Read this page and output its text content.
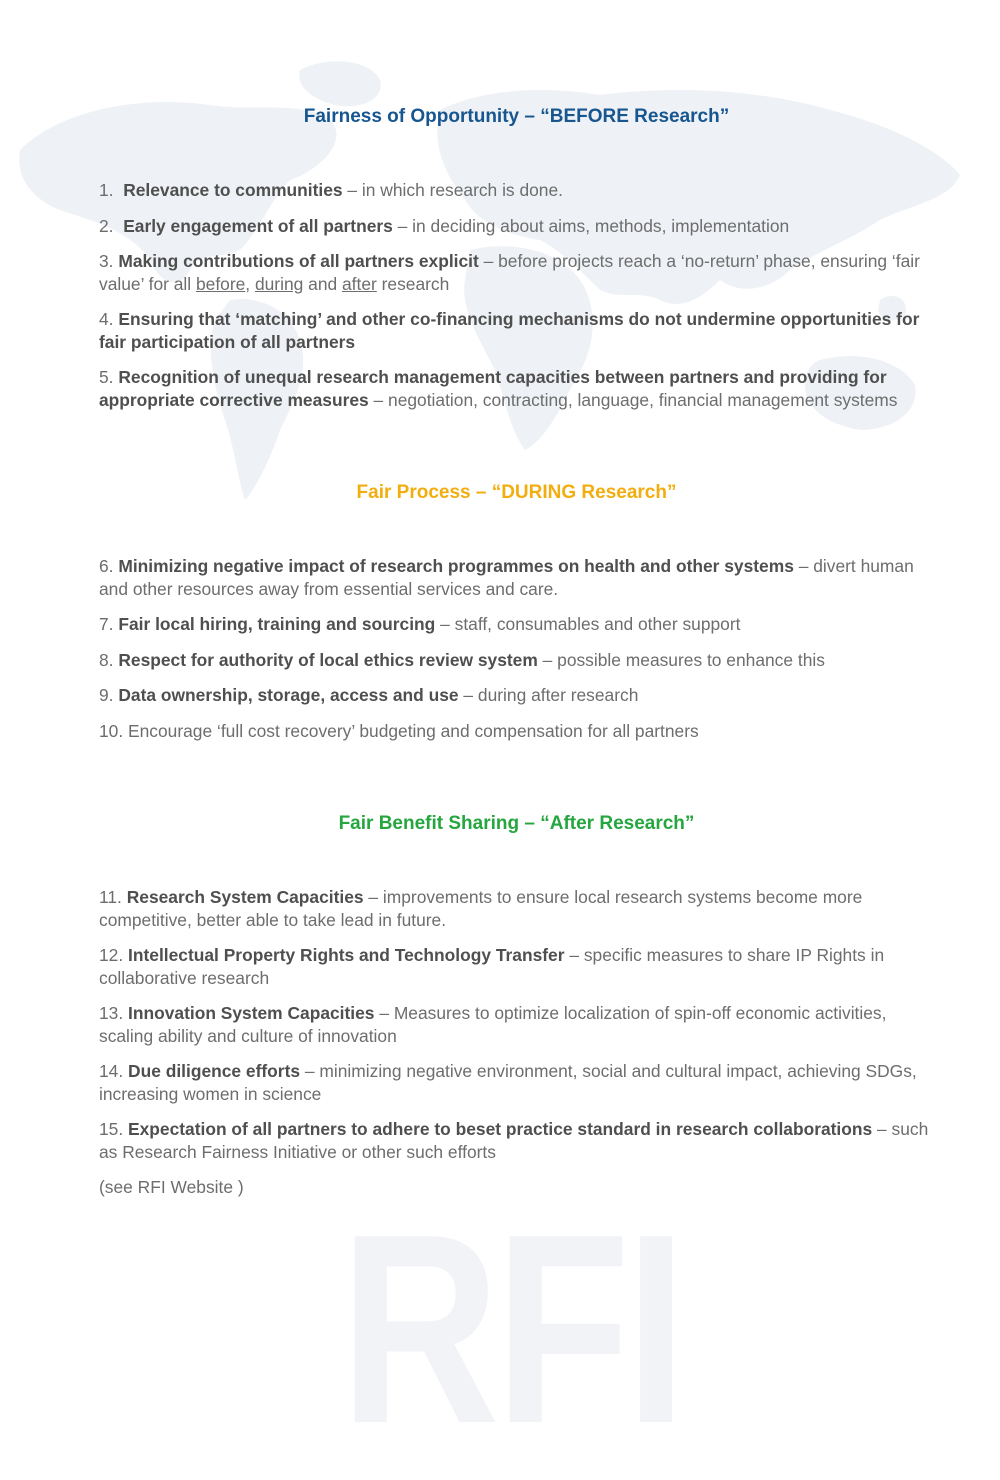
RFI
Fairness of Opportunity – “BEFORE Research”
1. Relevance to communities – in which research is done.
2. Early engagement of all partners – in deciding about aims, methods, implementation
3. Making contributions of all partners explicit – before projects reach a ‘no-return’ phase, ensuring ‘fair value’ for all before, during and after research
4. Ensuring that ‘matching’ and other co-financing mechanisms do not undermine opportunities for fair participation of all partners
5. Recognition of unequal research management capacities between partners and providing for appropriate corrective measures – negotiation, contracting, language, financial management systems
Fair Process – “DURING Research”
6. Minimizing negative impact of research programmes on health and other systems – divert human and other resources away from essential services and care.
7. Fair local hiring, training and sourcing – staff, consumables and other support
8. Respect for authority of local ethics review system – possible measures to enhance this
9. Data ownership, storage, access and use – during after research
10. Encourage ‘full cost recovery’ budgeting and compensation for all partners
Fair Benefit Sharing – “After Research”
11. Research System Capacities – improvements to ensure local research systems become more competitive, better able to take lead in future.
12. Intellectual Property Rights and Technology Transfer – specific measures to share IP Rights in collaborative research
13. Innovation System Capacities – Measures to optimize localization of spin-off economic activities, scaling ability and culture of innovation
14. Due diligence efforts – minimizing negative environment, social and cultural impact, achieving SDGs, increasing women in science
15. Expectation of all partners to adhere to beset practice standard in research collaborations – such as Research Fairness Initiative or other such efforts

(see RFI Website )
